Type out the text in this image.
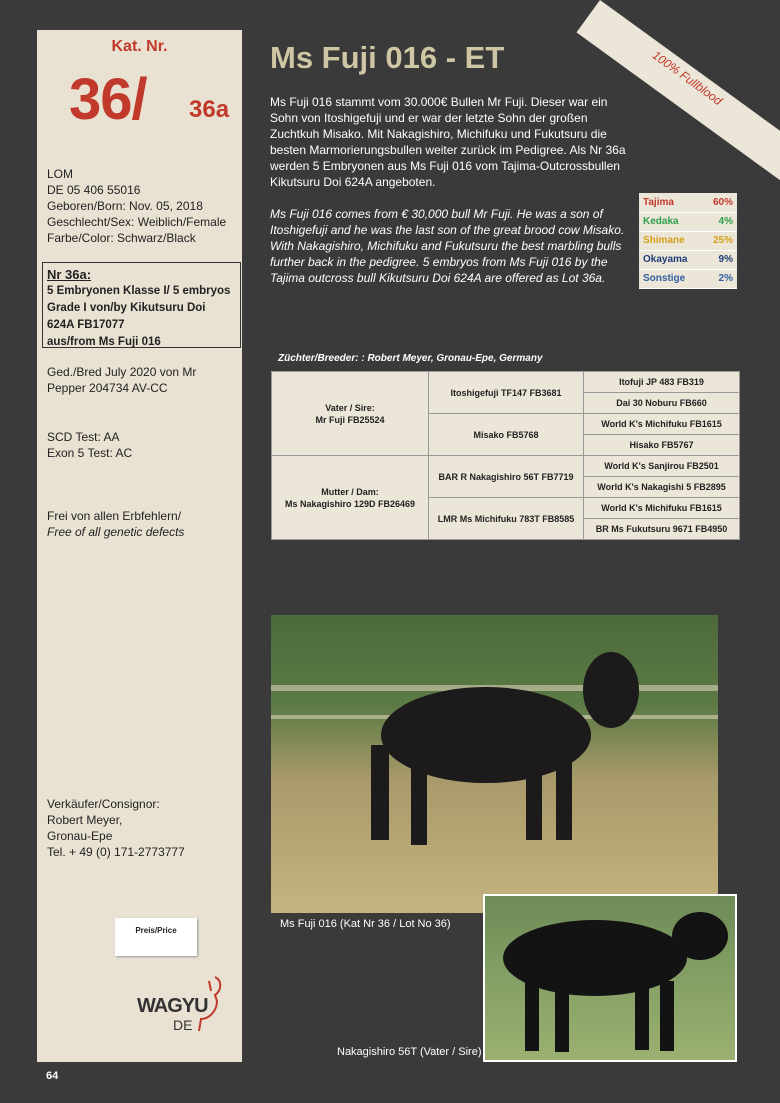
100% Fullblood
Kat. Nr.
36/ 36a
LOM
DE 05 406 55016
Geboren/Born: Nov. 05, 2018
Geschlecht/Sex: Weiblich/Female
Farbe/Color: Schwarz/Black
Nr 36a:
5 Embryonen Klasse I/ 5 embryos
Grade I von/by Kikutsuru Doi
624A FB17077
aus/from Ms Fuji 016
Ged./Bred July 2020 von Mr
Pepper 204734 AV-CC
SCD Test: AA
Exon 5 Test: AC
Frei von allen Erbfehlern/
Free of all genetic defects
Verkäufer/Consignor:
Robert Meyer,
Gronau-Epe
Tel. + 49 (0) 171-2773777
Preis/Price
WAGYU
DE
Ms Fuji 016 - ET
Ms Fuji 016 stammt vom 30.000€ Bullen Mr Fuji. Dieser war ein Sohn von Itoshigefuji und er war der letzte Sohn der großen Zuchtkuh Misako. Mit Nakagishiro, Michifuku und Fukutsuru die besten Marmorierungsbullen weiter zurück im Pedigree. Als Nr 36a werden 5 Embryonen aus Ms Fuji 016 vom Tajima-Outcrossbullen Kikutsuru Doi 624A angeboten.
Ms Fuji 016 comes from € 30,000 bull Mr Fuji. He was a son of Itoshigefuji and he was the last son of the great brood cow Misako. With Nakagishiro, Michifuku and Fukutsuru the best marbling bulls further back in the pedigree. 5 embryos from Ms Fuji 016 by the Tajima outcross bull Kikutsuru Doi 624A are offered as Lot 36a.
Tajima	60%
Kedaka	4%
Shimane	25%
Okayama	9%
Sonstige	2%
Züchter/Breeder: : Robert Meyer, Gronau-Epe, Germany
Vater / Sire:
Mr Fuji FB25524	Itoshigefuji TF147 FB3681	Itofuji JP 483 FB319
		Dai 30 Noburu FB660
	Misako FB5768	World K's Michifuku FB1615
		Hisako FB5767

Mutter / Dam:
Ms Nakagishiro 129D FB26469	BAR R Nakagishiro 56T FB7719	World K's Sanjirou FB2501
		World K's Nakagishi 5 FB2895
	LMR Ms Michifuku 783T FB8585	World K's Michifuku FB1615
		BR Ms Fukutsuru 9671 FB4950
Ms Fuji 016 (Kat Nr 36 / Lot No 36)
Nakagishiro 56T (Vater / Sire)
64
